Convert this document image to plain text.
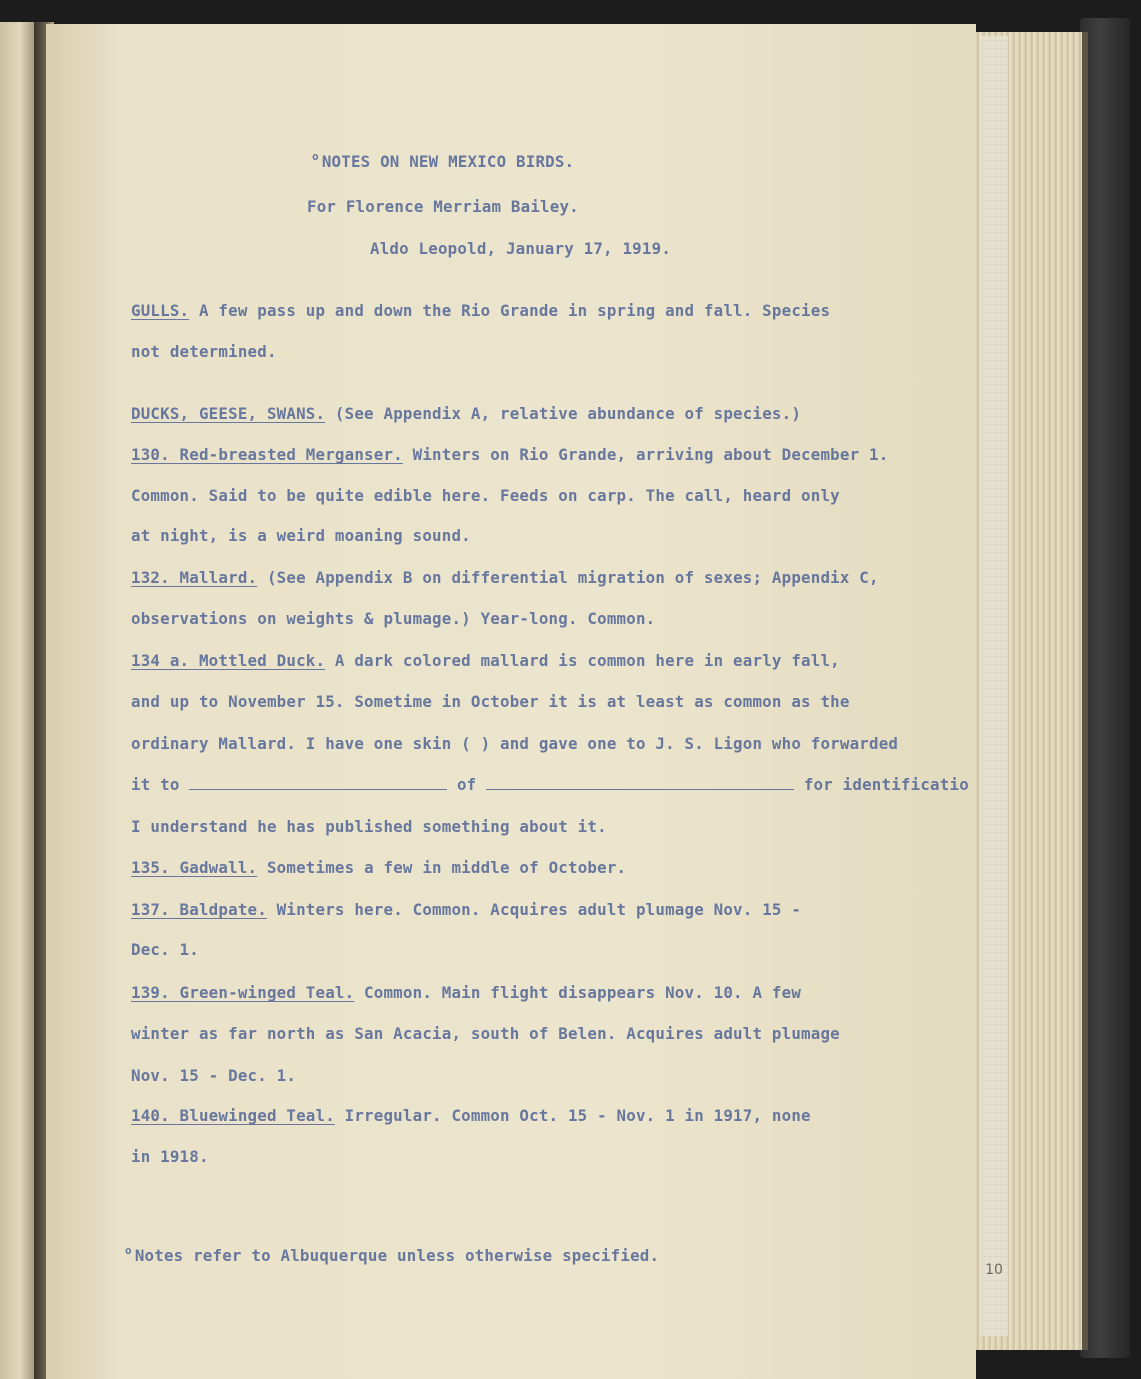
10
$^o$ NOTES ON NEW MEXICO BIRDS.
For Florence Merriam Bailey.
Aldo Leopold, January 17, 1919.
GULLS. A few pass up and down the Rio Grande in spring and fall. Species
not determined.
DUCKS, GEESE, SWANS. (See Appendix A, relative abundance of species.)
130. Red-breasted Merganser. Winters on Rio Grande, arriving about December 1.
Common. Said to be quite edible here. Feeds on carp. The call, heard only
at night, is a weird moaning sound.
132. Mallard. (See Appendix B on differential migration of sexes; Appendix C,
observations on weights & plumage.) Year-long. Common.
134 a. Mottled Duck. A dark colored mallard is common here in early fall,
and up to November 15. Sometime in October it is at least as common as the
ordinary Mallard. I have one skin ( ) and gave one to J. S. Ligon who forwarded
it to	of	for identificatio
I understand he has published something about it.
135. Gadwall. Sometimes a few in middle of October.
137. Baldpate. Winters here. Common. Acquires adult plumage Nov. 15 -
Dec. 1.
139. Green-winged Teal. Common. Main flight disappears Nov. 10. A few
winter as far north as San Acacia, south of Belen. Acquires adult plumage
Nov. 15 - Dec. 1.
140. Bluewinged Teal. Irregular. Common Oct. 15 - Nov. 1 in 1917, none
in 1918.
$^o$ Notes refer to Albuquerque unless otherwise specified.
